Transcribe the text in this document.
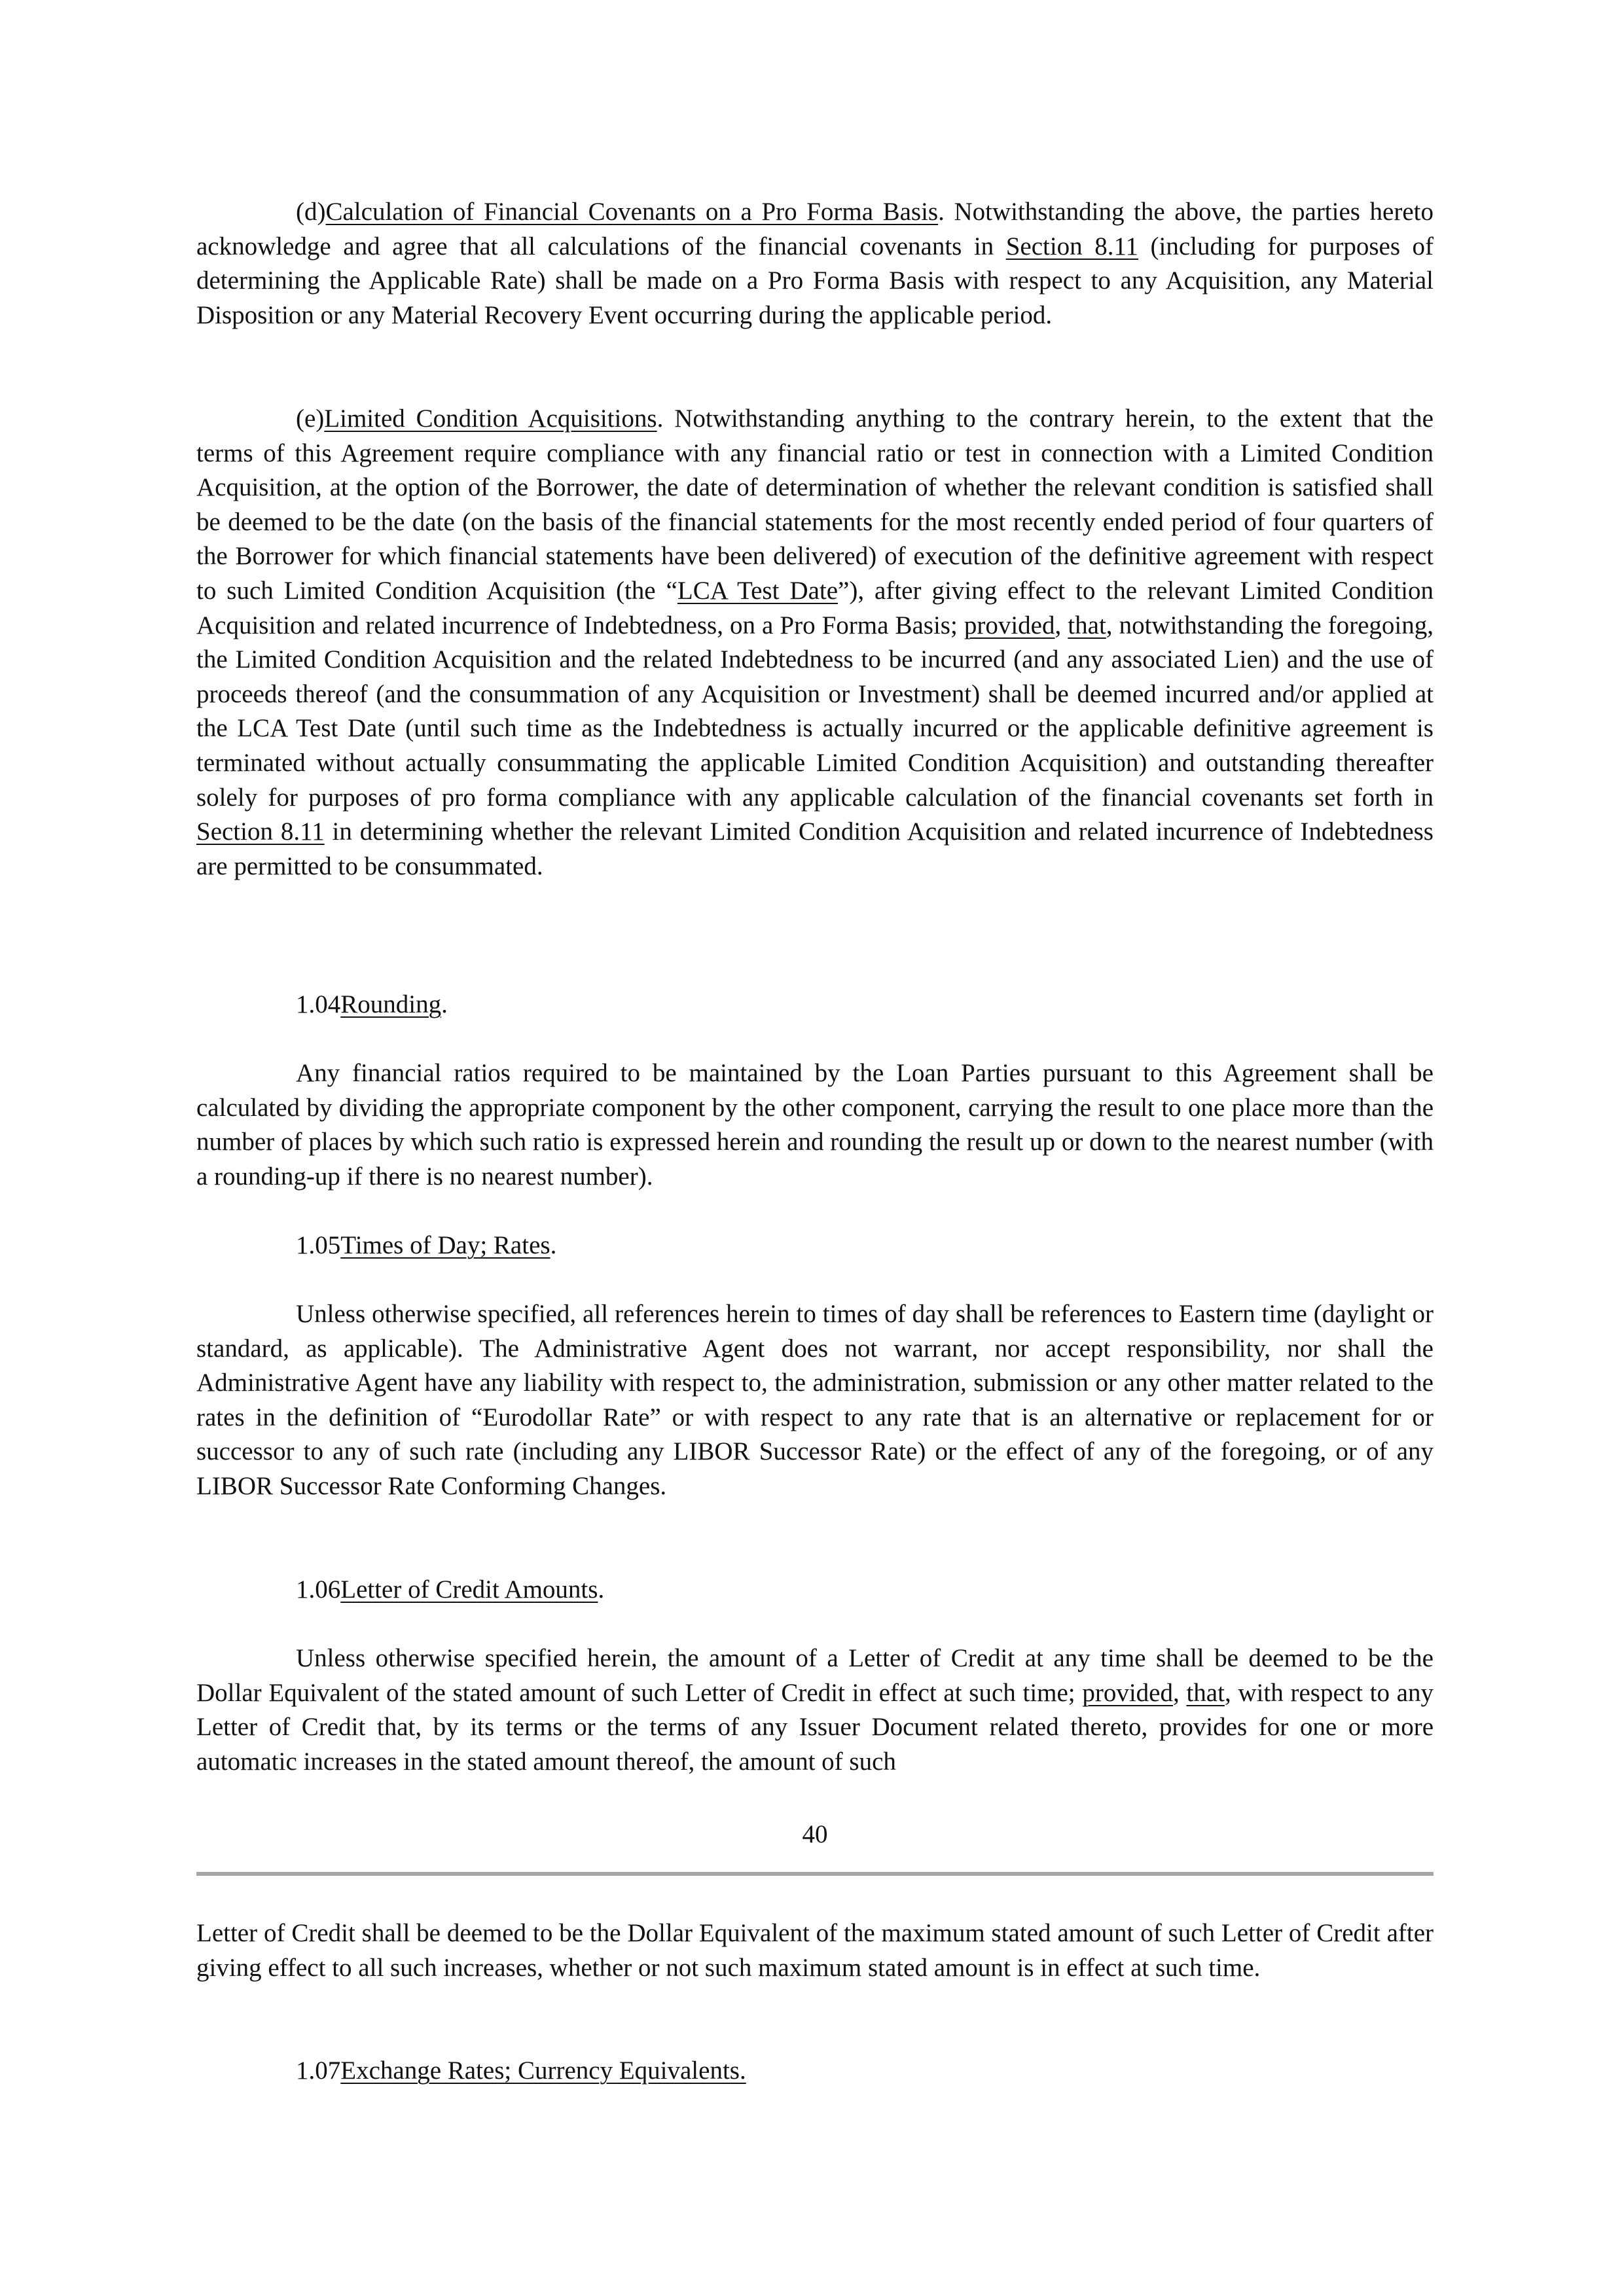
(d)Calculation of Financial Covenants on a Pro Forma Basis. Notwithstanding the above, the parties hereto acknowledge and agree that all calculations of the financial covenants in Section 8.11 (including for purposes of determining the Applicable Rate) shall be made on a Pro Forma Basis with respect to any Acquisition, any Material Disposition or any Material Recovery Event occurring during the applicable period.

(e)Limited Condition Acquisitions. Notwithstanding anything to the contrary herein, to the extent that the terms of this Agreement require compliance with any financial ratio or test in connection with a Limited Condition Acquisition, at the option of the Borrower, the date of determination of whether the relevant condition is satisfied shall be deemed to be the date (on the basis of the financial statements for the most recently ended period of four quarters of the Borrower for which financial statements have been delivered) of execution of the definitive agreement with respect to such Limited Condition Acquisition (the “LCA Test Date”), after giving effect to the relevant Limited Condition Acquisition and related incurrence of Indebtedness, on a Pro Forma Basis; provided, that, notwithstanding the foregoing, the Limited Condition Acquisition and the related Indebtedness to be incurred (and any associated Lien) and the use of proceeds thereof (and the consummation of any Acquisition or Investment) shall be deemed incurred and/or applied at the LCA Test Date (until such time as the Indebtedness is actually incurred or the applicable definitive agreement is terminated without actually consummating the applicable Limited Condition Acquisition) and outstanding thereafter solely for purposes of pro forma compliance with any applicable calculation of the financial covenants set forth in Section 8.11 in determining whether the relevant Limited Condition Acquisition and related incurrence of Indebtedness are permitted to be consummated.

1.04Rounding.

Any financial ratios required to be maintained by the Loan Parties pursuant to this Agreement shall be calculated by dividing the appropriate component by the other component, carrying the result to one place more than the number of places by which such ratio is expressed herein and rounding the result up or down to the nearest number (with a rounding-up if there is no nearest number).

1.05Times of Day; Rates.

Unless otherwise specified, all references herein to times of day shall be references to Eastern time (daylight or standard, as applicable). The Administrative Agent does not warrant, nor accept responsibility, nor shall the Administrative Agent have any liability with respect to, the administration, submission or any other matter related to the rates in the definition of “Eurodollar Rate” or with respect to any rate that is an alternative or replacement for or successor to any of such rate (including any LIBOR Successor Rate) or the effect of any of the foregoing, or of any LIBOR Successor Rate Conforming Changes.

1.06Letter of Credit Amounts.

Unless otherwise specified herein, the amount of a Letter of Credit at any time shall be deemed to be the Dollar Equivalent of the stated amount of such Letter of Credit in effect at such time; provided, that, with respect to any Letter of Credit that, by its terms or the terms of any Issuer Document related thereto, provides for one or more automatic increases in the stated amount thereof, the amount of such

40

Letter of Credit shall be deemed to be the Dollar Equivalent of the maximum stated amount of such Letter of Credit after giving effect to all such increases, whether or not such maximum stated amount is in effect at such time.

1.07Exchange Rates; Currency Equivalents.
